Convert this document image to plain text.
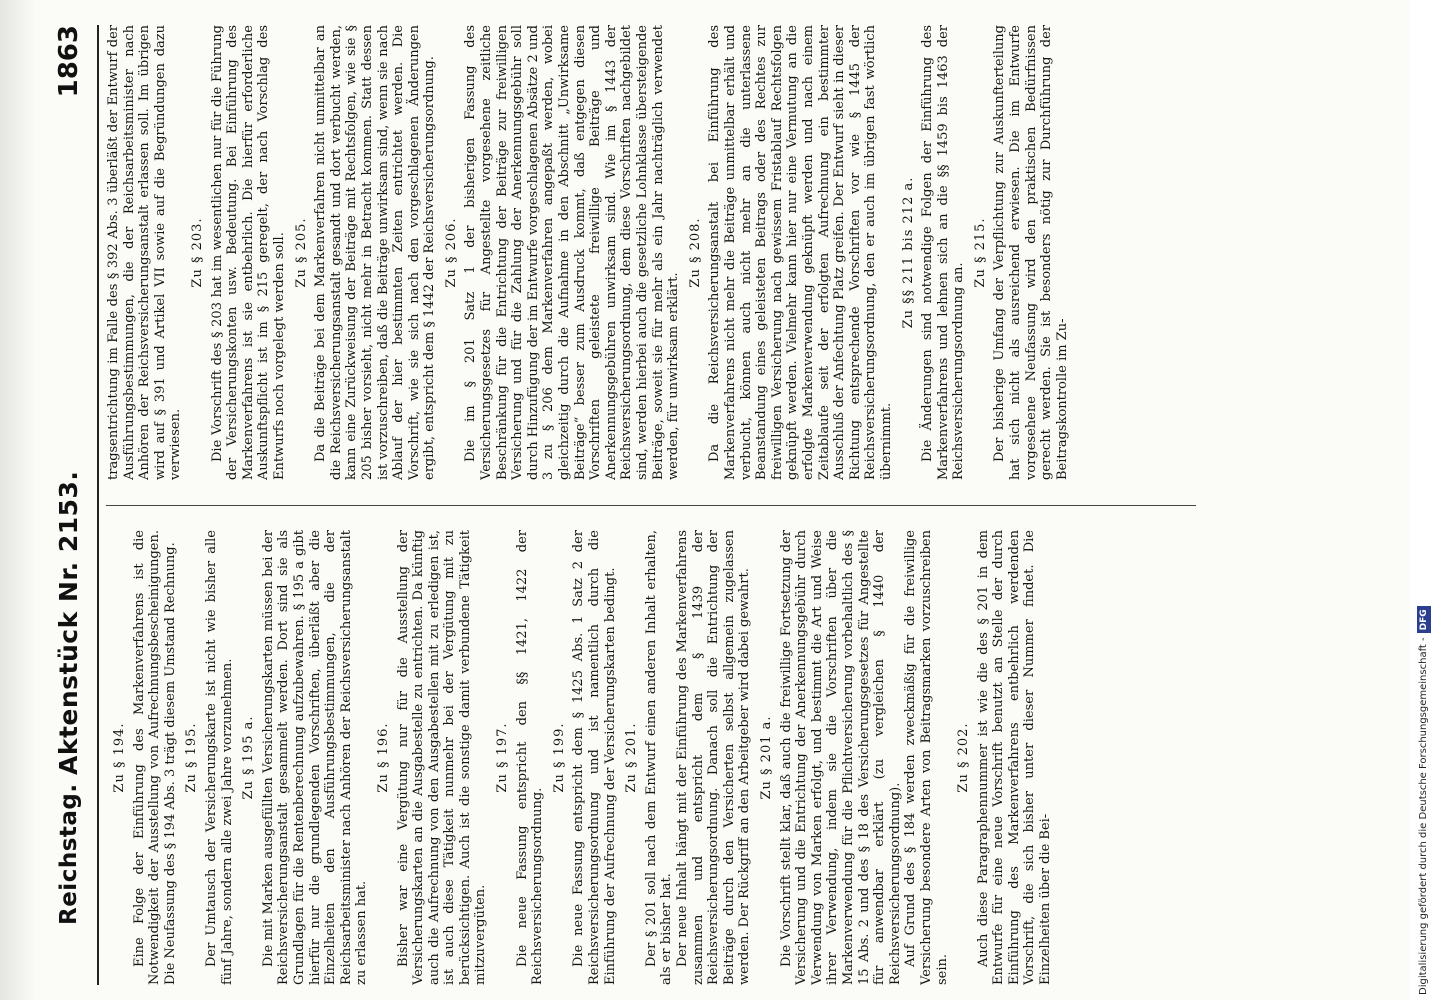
Reichstag.
Aktenstück Nr. 2153.
1863
Zu § 194. Eine Folge der Einführung des Markenverfahrens ist die Notwendigkeit der Ausstellung von Aufrechnungsbescheinigungen. Die Neufassung des § 194 Abs. 3 trägt diesem Umstand Rechnung. Zu § 195. Der Umtausch der Versicherungskarte ist nicht wie bisher alle fünf Jahre, sondern alle zwei Jahre vorzunehmen. Zu § 195 a. Die mit Marken ausgefüllten Versicherungskarten müssen bei der Reichsversicherungsanstalt gesammelt werden. Dort sind sie als Grundlagen für die Rentenberechnung aufzubewahren. § 195 a gibt hierfür nur die grundlegenden Vorschriften, überläßt aber die Einzelheiten den Ausführungsbestimmungen, die der Reichsarbeitsminister nach Anhören der Reichsversicherungsanstalt zu erlassen hat.

Zu § 196. Bisher war eine Vergütung nur für die Ausstellung der Versicherungskarten an die Ausgabestelle zu entrichten. Da künftig auch die Aufrechnung von den Ausgabestellen mit zu erledigen ist, ist auch diese Tätigkeit nunmehr bei der Vergütung mit zu berücksichtigen. Auch ist die sonstige damit verbundene Tätigkeit mitzuvergüten.

Zu § 197. Die neue Fassung entspricht den §§ 1421, 1422 der Reichsversicherungsordnung.

Zu § 199. Die neue Fassung entspricht dem § 1425 Abs. 1 Satz 2 der Reichsversicherungsordnung und ist namentlich durch die Einführung der Aufrechnung der Versicherungskarten bedingt. Zu § 201. Der § 201 soll nach dem Entwurf einen anderen Inhalt erhalten, als er bisher hat. Der neue Inhalt hängt mit der Einführung des Markenverfahrens zusammen und entspricht dem § 1439 der Reichsversicherungsordnung. Danach soll die Entrichtung der Beiträge durch den Versicherten selbst allgemein zugelassen werden. Der Rückgriff an den Arbeitgeber wird dabei gewahrt. Zu § 201 a. Die Vorschrift stellt klar, daß auch die freiwillige Fortsetzung der Versicherung und die Entrichtung der Anerkennungsgebühr durch Verwendung von Marken erfolgt, und bestimmt die Art und Weise ihrer Verwendung, indem sie die Vorschriften über die Markenverwendung für die Pflichtversicherung vorbehaltlich des § 15 Abs. 2 und des § 18 des Versicherungsgesetzes für Angestellte für anwendbar erklärt (zu vergleichen § 1440 der Reichsversicherungsordnung). Auf Grund des § 184 werden zweckmäßig für die freiwillige Versicherung besondere Arten von Beitragsmarken vorzuschreiben sein.

Zu § 202. Auch diese Paragraphennummer ist wie die des § 201 in dem Entwurfe für eine neue Vorschrift benutzt an Stelle der durch Einführung des Markenverfahrens entbehrlich werdenden Vorschrift, die sich bisher unter dieser Nummer findet. Die Einzelheiten über die Bei-

tragsentrichtung im Falle des § 392 Abs. 3 überläßt der Entwurf der Ausführungsbestimmungen, die der Reichsarbeitsminister nach Anhören der Reichsversicherungsanstalt erlassen soll. Im übrigen wird auf § 391 und Artikel VII sowie auf die Begründungen dazu verwiesen.

Zu § 203. Die Vorschrift des § 203 hat im wesentlichen nur für die Führung der Versicherungskonten usw. Bedeutung. Bei Einführung des Markenverfahrens ist sie entbehrlich. Die hierfür erforderliche Auskunftspflicht ist im § 215 geregelt, der nach Vorschlag des Entwurfs noch vorgelegt werden soll. Zu § 205. Da die Beiträge bei dem Markenverfahren nicht unmittelbar an die Reichsversicherungsanstalt gesandt und dort verbucht werden, kann eine Zurückweisung der Beiträge mit Rechtsfolgen, wie sie § 205 bisher vorsieht, nicht mehr in Betracht kommen. Statt dessen ist vorzuschreiben, daß die Beiträge unwirksam sind, wenn sie nach Ablauf der hier bestimmten Zeiten entrichtet werden. Die Vorschrift, wie sie sich nach den vorgeschlagenen Änderungen ergibt, entspricht dem § 1442 der Reichsversicherungsordnung. Zu § 206. Die im § 201 Satz 1 der bisherigen Fassung des Versicherungsgesetzes für Angestellte vorgesehene zeitliche Beschränkung für die Entrichtung der Beiträge zur freiwilligen Versicherung und für die Zahlung der Anerkennungsgebühr soll durch Hinzufügung der im Entwurfe vorgeschlagenen Absätze 2 und 3 zu § 206 dem Markenverfahren angepaßt werden, wobei gleichzeitig durch die Aufnahme in den Abschnitt „Unwirksame Beiträge“ besser zum Ausdruck kommt, daß entgegen diesen Vorschriften geleistete freiwillige Beiträge und Anerkennungsgebühren unwirksam sind. Wie im § 1443 der Reichsversicherungsordnung, dem diese Vorschriften nachgebildet sind, werden hierbei auch die gesetzliche Lohnklasse übersteigende Beiträge, soweit sie für mehr als ein Jahr nachträglich verwendet werden, für unwirksam erklärt.

Zu § 208. Da die Reichsversicherungsanstalt bei Einführung des Markenverfahrens nicht mehr die Beiträge unmittelbar erhält und verbucht, können auch nicht mehr an die unterlassene Beanstandung eines geleisteten Beitrags oder des Rechtes zur freiwilligen Versicherung nach gewissem Fristablauf Rechtsfolgen geknüpft werden. Vielmehr kann hier nur eine Vermutung an die erfolgte Markenverwendung geknüpft werden und nach einem Zeitablaufe seit der erfolgten Aufrechnung ein bestimmter Ausschluß der Anfechtung Platz greifen. Der Entwurf sieht in dieser Richtung entsprechende Vorschriften vor wie § 1445 der Reichsversicherungsordnung, den er auch im übrigen fast wörtlich übernimmt.

Zu §§ 211 bis 212 a. Die Änderungen sind notwendige Folgen der Einführung des Markenverfahrens und lehnen sich an die §§ 1459 bis 1463 der Reichsversicherungsordnung an.

Zu § 215. Der bisherige Umfang der Verpflichtung zur Auskunfterteilung hat sich nicht als ausreichend erwiesen. Die im Entwurfe vorgesehene Neufassung wird den praktischen Bedürfnissen gerecht werden. Sie ist besonders nötig zur Durchführung der Beitragskontrolle im Zu-

Digitalisierung gefördert durch die Deutsche Forschungsgemeinschaft -DFG
